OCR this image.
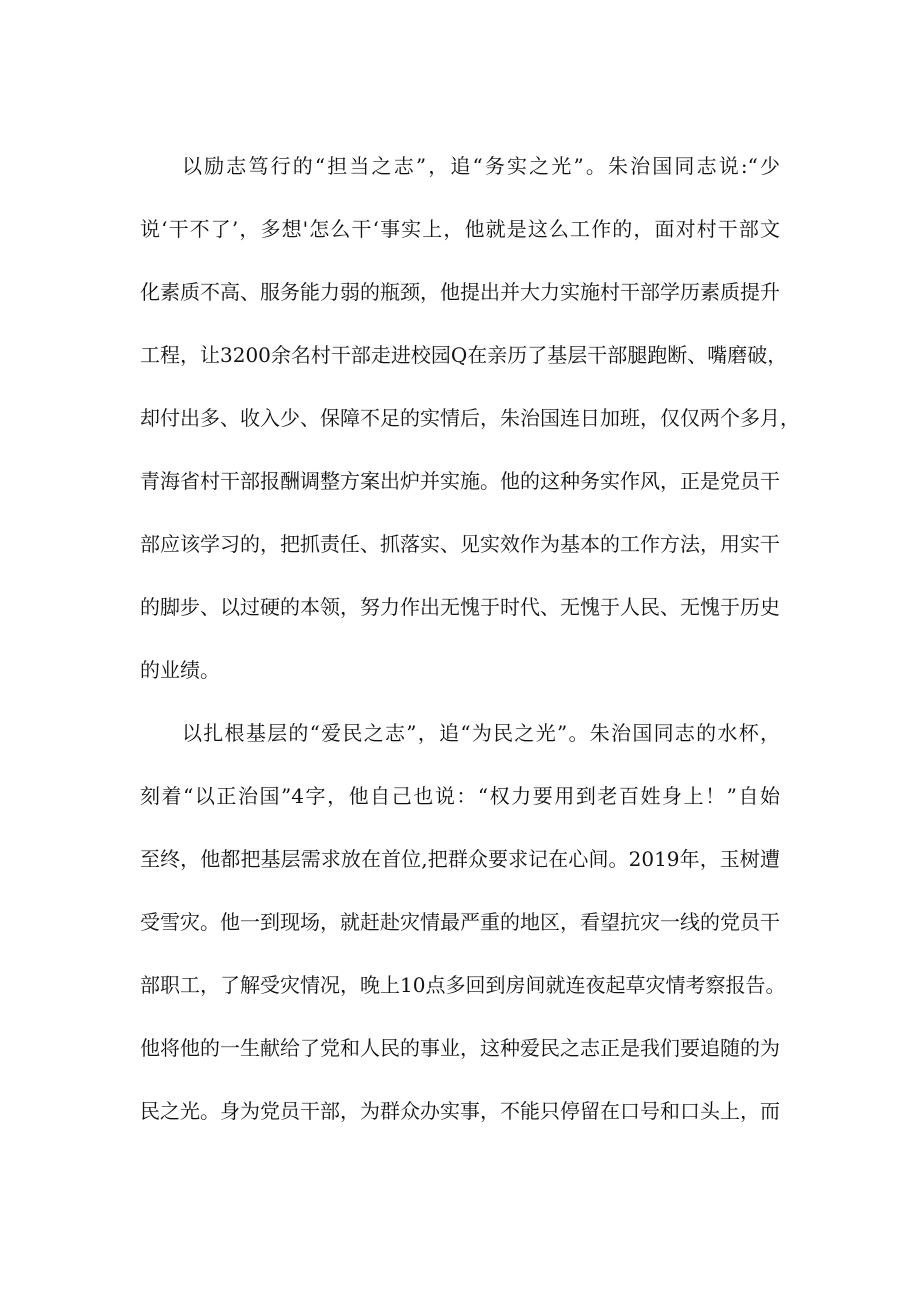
以励志笃行的“担当之志”，追“务实之光”。朱治国同志说:“少
说‘干不了’，多想'怎么干‘事实上，他就是这么工作的，面对村干部文
化素质不高、服务能力弱的瓶颈，他提出并大力实施村干部学历素质提升
工程，让3200余名村干部走进校园Q在亲历了基层干部腿跑断、嘴磨破，
却付出多、收入少、保障不足的实情后，朱治国连日加班，仅仅两个多月，
青海省村干部报酬调整方案出炉并实施。他的这种务实作风，正是党员干
部应该学习的，把抓责任、抓落实、见实效作为基本的工作方法，用实干
的脚步、以过硬的本领，努力作出无愧于时代、无愧于人民、无愧于历史
的业绩。
以扎根基层的“爱民之志”，追“为民之光”。朱治国同志的水杯，
刻着“以正治国”4字，他自己也说：“权力要用到老百姓身上！”自始
至终，他都把基层需求放在首位,把群众要求记在心间。2019年，玉树遭
受雪灾。他一到现场，就赶赴灾情最严重的地区，看望抗灾一线的党员干
部职工，了解受灾情况，晚上10点多回到房间就连夜起草灾情考察报告。
他将他的一生献给了党和人民的事业，这种爱民之志正是我们要追随的为
民之光。身为党员干部，为群众办实事，不能只停留在口号和口头上，而
